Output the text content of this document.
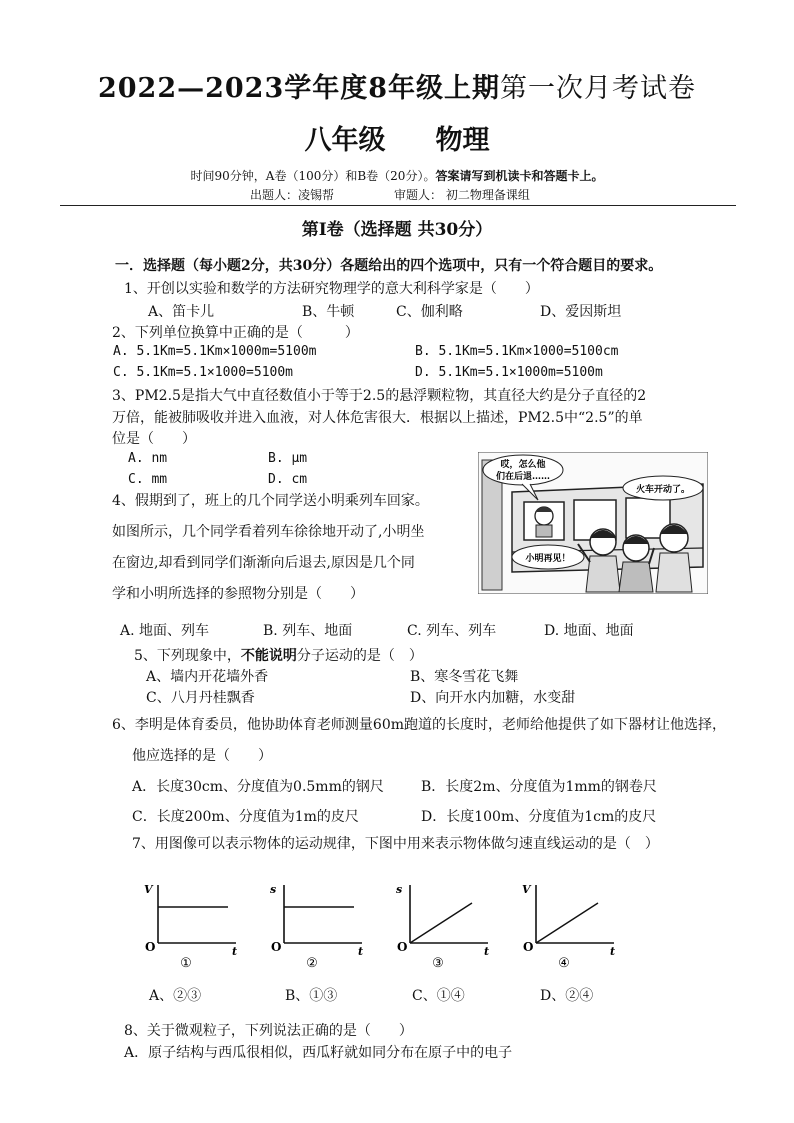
2022—2023学年度8年级上期第一次月考试卷
八年级 物理
时间90分钟，A卷（100分）和B卷（20分）。答案请写到机读卡和答题卡上。
出题人：凌锡帮	审题人： 初二物理备课组
第Ⅰ卷（选择题 共30分）
一．选择题（每小题2分，共30分）各题给出的四个选项中，只有一个符合题目的要求。
1、开创以实验和数学的方法研究物理学的意大利科学家是（　　）
A、笛卡儿	B、牛顿	C、伽利略	D、爱因斯坦
2、下列单位换算中正确的是（　　　）
A. 5.1Km=5.1Km×1000m=5100m	B. 5.1Km=5.1Km×1000=5100cm
C. 5.1Km=5.1×1000=5100m	D. 5.1Km=5.1×1000m=5100m
3、PM2.5是指大气中直径数值小于等于2.5的悬浮颗粒物，其直径大约是分子直径的2
万倍，能被肺吸收并进入血液，对人体危害很大．根据以上描述，PM2.5中“2.5”的单
位是（　　）
A. nm	B. μm
C. mm	D. cm
4、假期到了，班上的几个同学送小明乘列车回家。
如图所示，几个同学看着列车徐徐地开动了,小明坐
在窗边,却看到同学们渐渐向后退去,原因是几个同
学和小明所选择的参照物分别是（　　）
哎，怎么他
们在后退……
火车开动了。
小明再见！
A. 地面、列车	B. 列车、地面	C. 列车、列车	D. 地面、地面
5、下列现象中，不能说明分子运动的是（　）
A、墙内开花墙外香	B、寒冬雪花飞舞
C、八月丹桂飘香	D、向开水内加糖，水变甜
6、李明是体育委员，他协助体育老师测量60m跑道的长度时，老师给他提供了如下器材让他选择，
他应选择的是（　　）
A．长度30cm、分度值为0.5mm的钢尺	B．长度2m、分度值为1mm的钢卷尺
C．长度200m、分度值为1m的皮尺	D．长度100m、分度值为1cm的皮尺
7、用图像可以表示物体的运动规律，下图中用来表示物体做匀速直线运动的是（　）
V
t
O
①
s
t
O
②
s
t
O
③
V
t
O
④
A、②③	B、①③	C、①④	D、②④
8、关于微观粒子，下列说法正确的是（　　）
A．原子结构与西瓜很相似，西瓜籽就如同分布在原子中的电子
